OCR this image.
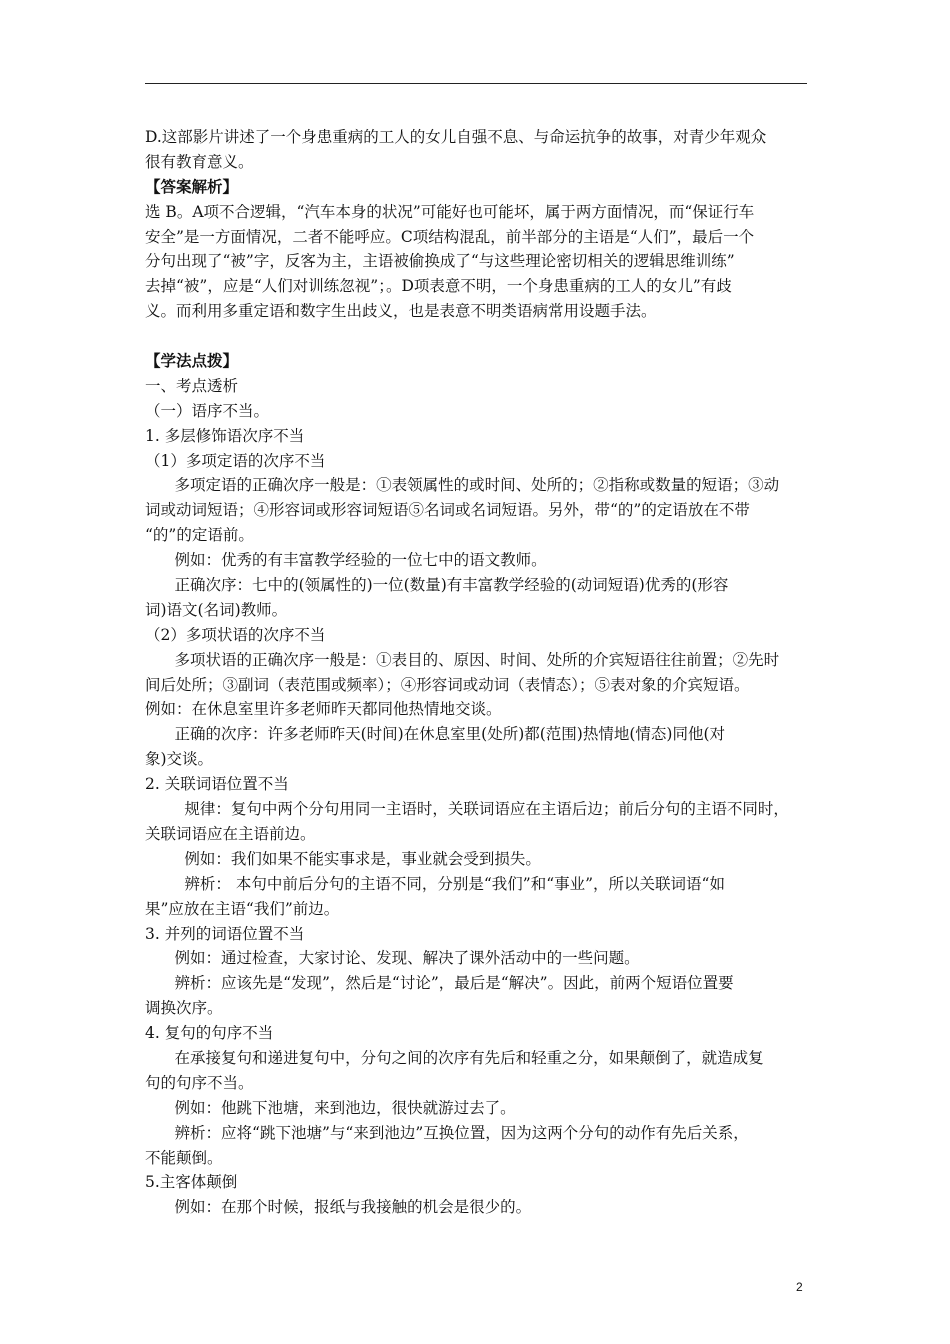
D.这部影片讲述了一个身患重病的工人的女儿自强不息、与命运抗争的故事，对青少年观众
很有教育意义。
【答案解析】
选 B。A项不合逻辑，“汽车本身的状况”可能好也可能坏，属于两方面情况，而“保证行车
安全”是一方面情况，二者不能呼应。C项结构混乱，前半部分的主语是“人们”，最后一个
分句出现了“被”字，反客为主，主语被偷换成了“与这些理论密切相关的逻辑思维训练”
去掉“被”，应是“人们对训练忽视”；。D项表意不明，一个身患重病的工人的女儿”有歧
义。而利用多重定语和数字生出歧义，也是表意不明类语病常用设题手法。
【学法点拨】
一、考点透析
（一）语序不当。
1. 多层修饰语次序不当
（1）多项定语的次序不当
多项定语的正确次序一般是：①表领属性的或时间、处所的；②指称或数量的短语；③动
词或动词短语；④形容词或形容词短语⑤名词或名词短语。另外，带“的”的定语放在不带
“的”的定语前。
例如：优秀的有丰富教学经验的一位七中的语文教师。
正确次序：七中的(领属性的)一位(数量)有丰富教学经验的(动词短语)优秀的(形容
词)语文(名词)教师。
（2）多项状语的次序不当
多项状语的正确次序一般是：①表目的、原因、时间、处所的介宾短语往往前置；②先时
间后处所；③副词（表范围或频率）；④形容词或动词（表情态）；⑤表对象的介宾短语。
例如：在休息室里许多老师昨天都同他热情地交谈。
正确的次序：许多老师昨天(时间)在休息室里(处所)都(范围)热情地(情态)同他(对
象)交谈。
2. 关联词语位置不当
规律：复句中两个分句用同一主语时，关联词语应在主语后边；前后分句的主语不同时，
关联词语应在主语前边。
例如：我们如果不能实事求是，事业就会受到损失。
辨析： 本句中前后分句的主语不同，分别是“我们”和“事业”，所以关联词语“如
果”应放在主语“我们”前边。
3. 并列的词语位置不当
例如：通过检查，大家讨论、发现、解决了课外活动中的一些问题。
辨析：应该先是“发现”，然后是“讨论”，最后是“解决”。因此，前两个短语位置要
调换次序。
4. 复句的句序不当
在承接复句和递进复句中，分句之间的次序有先后和轻重之分，如果颠倒了，就造成复
句的句序不当。
例如：他跳下池塘，来到池边，很快就游过去了。
辨析：应将“跳下池塘”与“来到池边”互换位置，因为这两个分句的动作有先后关系，
不能颠倒。
5.主客体颠倒
例如：在那个时候，报纸与我接触的机会是很少的。
2
